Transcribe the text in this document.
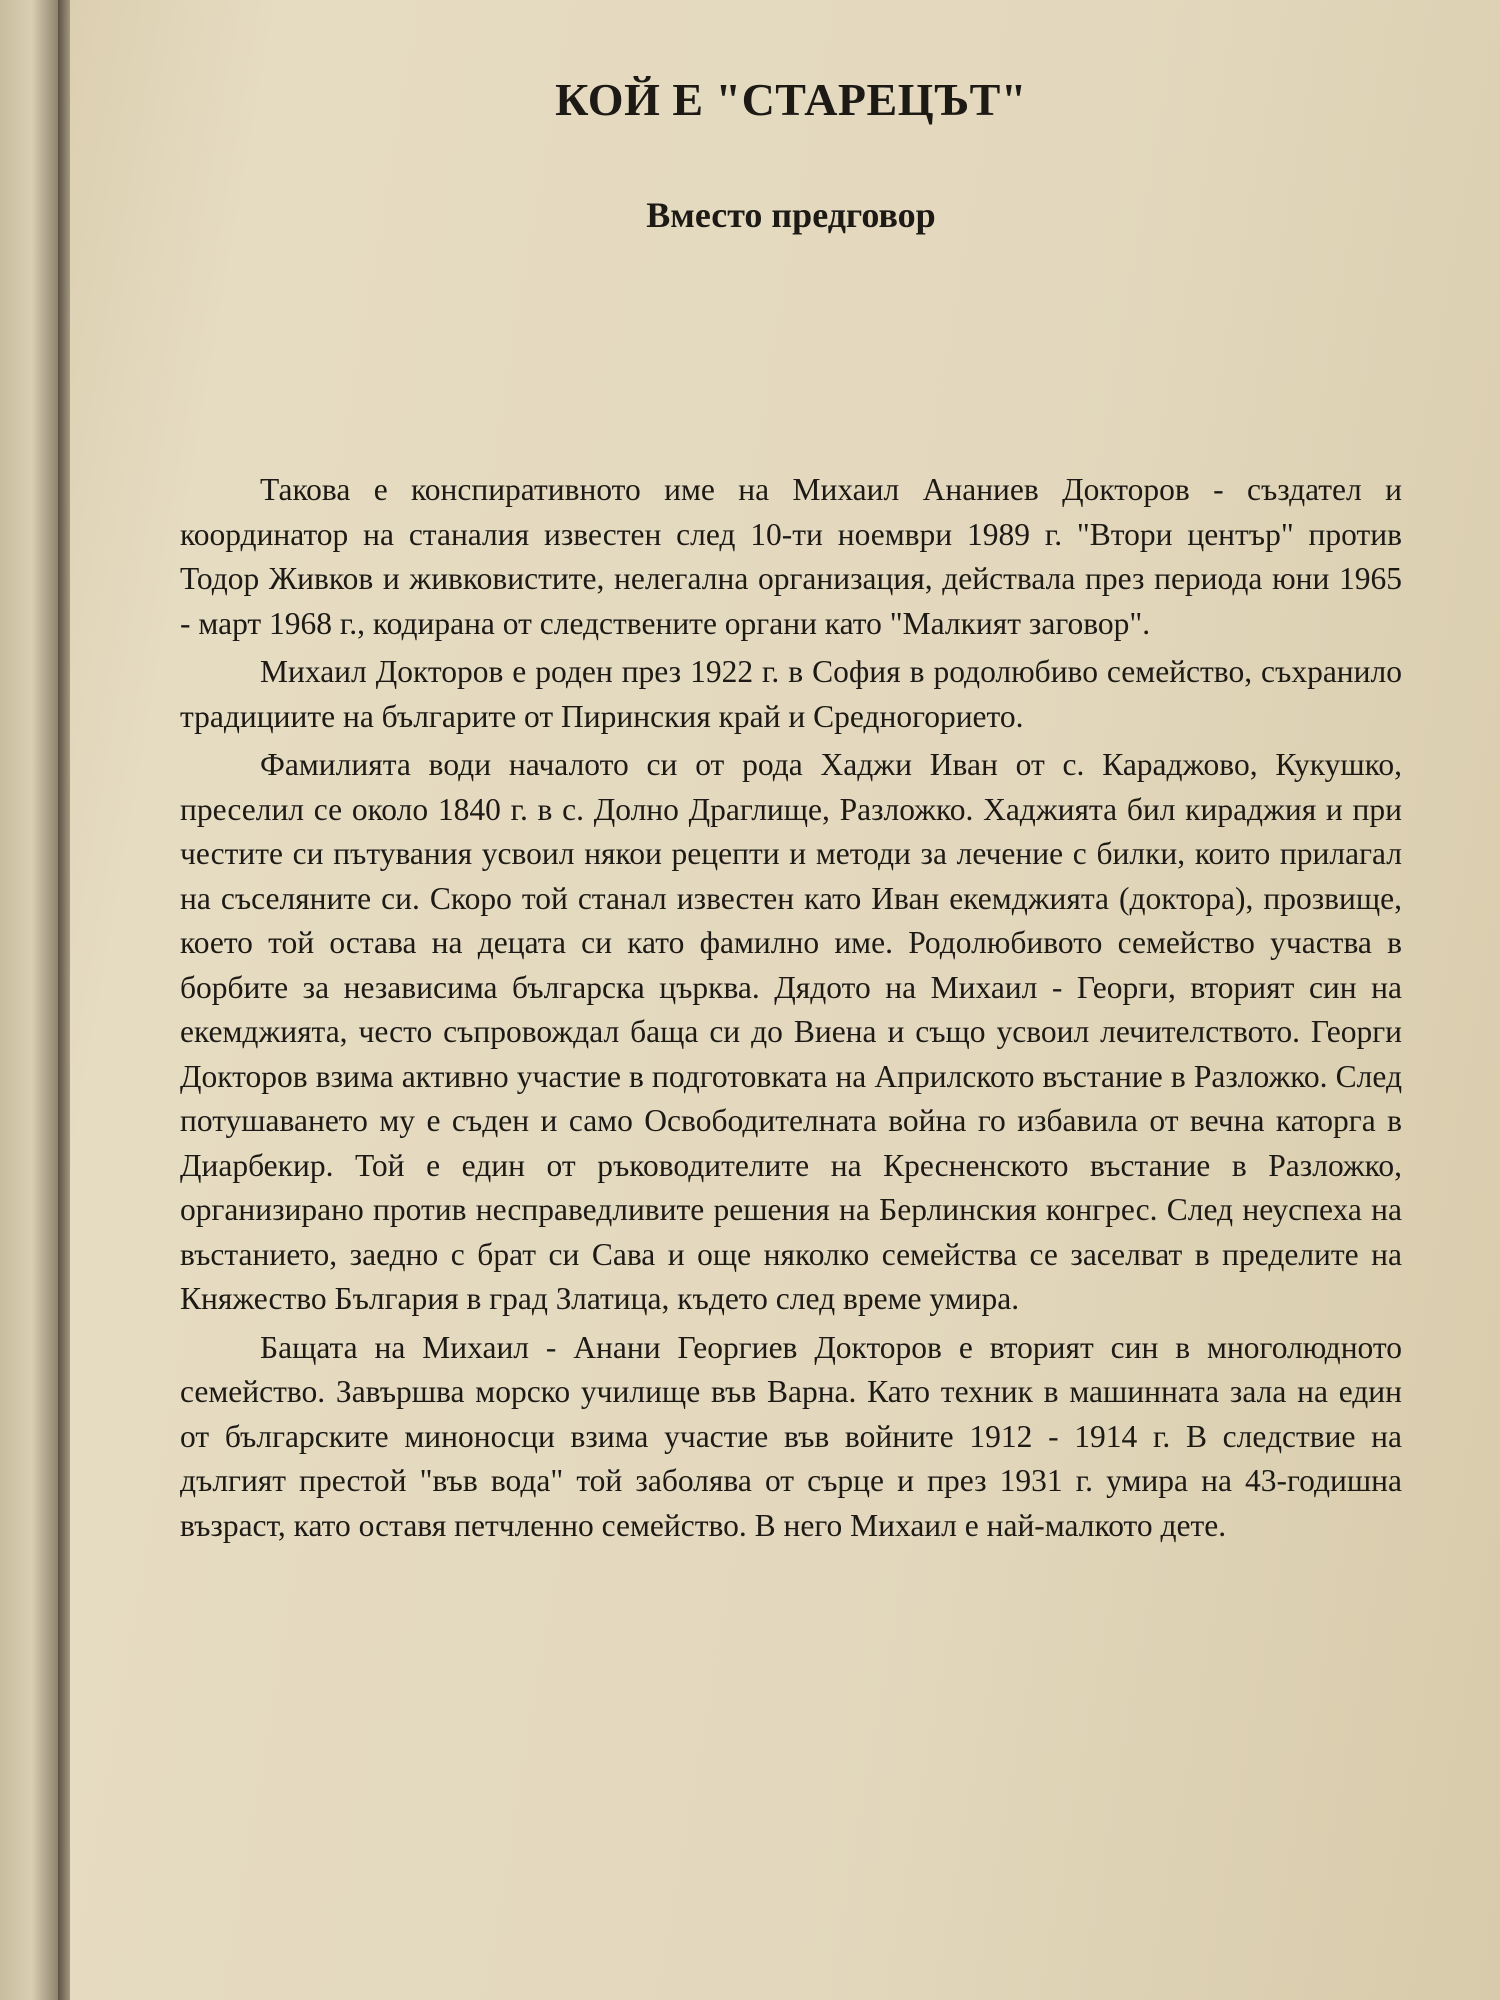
КОЙ Е "СТАРЕЦЪТ"
Вместо предговор

Такова е конспиративното име на Михаил Ананиев Докторов - създател и координатор на станалия известен след 10-ти ноември 1989 г. "Втори център" против Тодор Живков и живковистите, нелегална организация, действала през периода юни 1965 - март 1968 г., кодирана от следствените органи като "Малкият заговор".

Михаил Докторов е роден през 1922 г. в София в родолюбиво семейство, съхранило традициите на българите от Пиринския край и Средногорието.

Фамилията води началото си от рода Хаджи Иван от с. Караджово, Кукушко, преселил се около 1840 г. в с. Долно Драглище, Разложко. Хаджията бил кираджия и при честите си пътувания усвоил някои рецепти и методи за лечение с билки, които прилагал на съселяните си. Скоро той станал известен като Иван екемджията (доктора), прозвище, което той остава на децата си като фамилно име. Родолюбивото семейство участва в борбите за независима българска църква. Дядото на Михаил - Георги, вторият син на екемджията, често съпровождал баща си до Виена и също усвоил лечителството. Георги Докторов взима активно участие в подготовката на Априлското въстание в Разложко. След потушаването му е съден и само Освободителната война го избавила от вечна каторга в Диарбекир. Той е един от ръководителите на Кресненското въстание в Разложко, организирано против несправедливите решения на Берлинския конгрес. След неуспеха на въстанието, заедно с брат си Сава и още няколко семейства се заселват в пределите на Княжество България в град Златица, където след време умира.

Бащата на Михаил - Анани Георгиев Докторов е вторият син в многолюдното семейство. Завършва морско училище във Варна. Като техник в машинната зала на един от българските миноносци взима участие във войните 1912 - 1914 г. В следствие на дългият престой "във вода" той заболява от сърце и през 1931 г. умира на 43-годишна възраст, като оставя петчленно семейство. В него Михаил е най-малкото дете.
